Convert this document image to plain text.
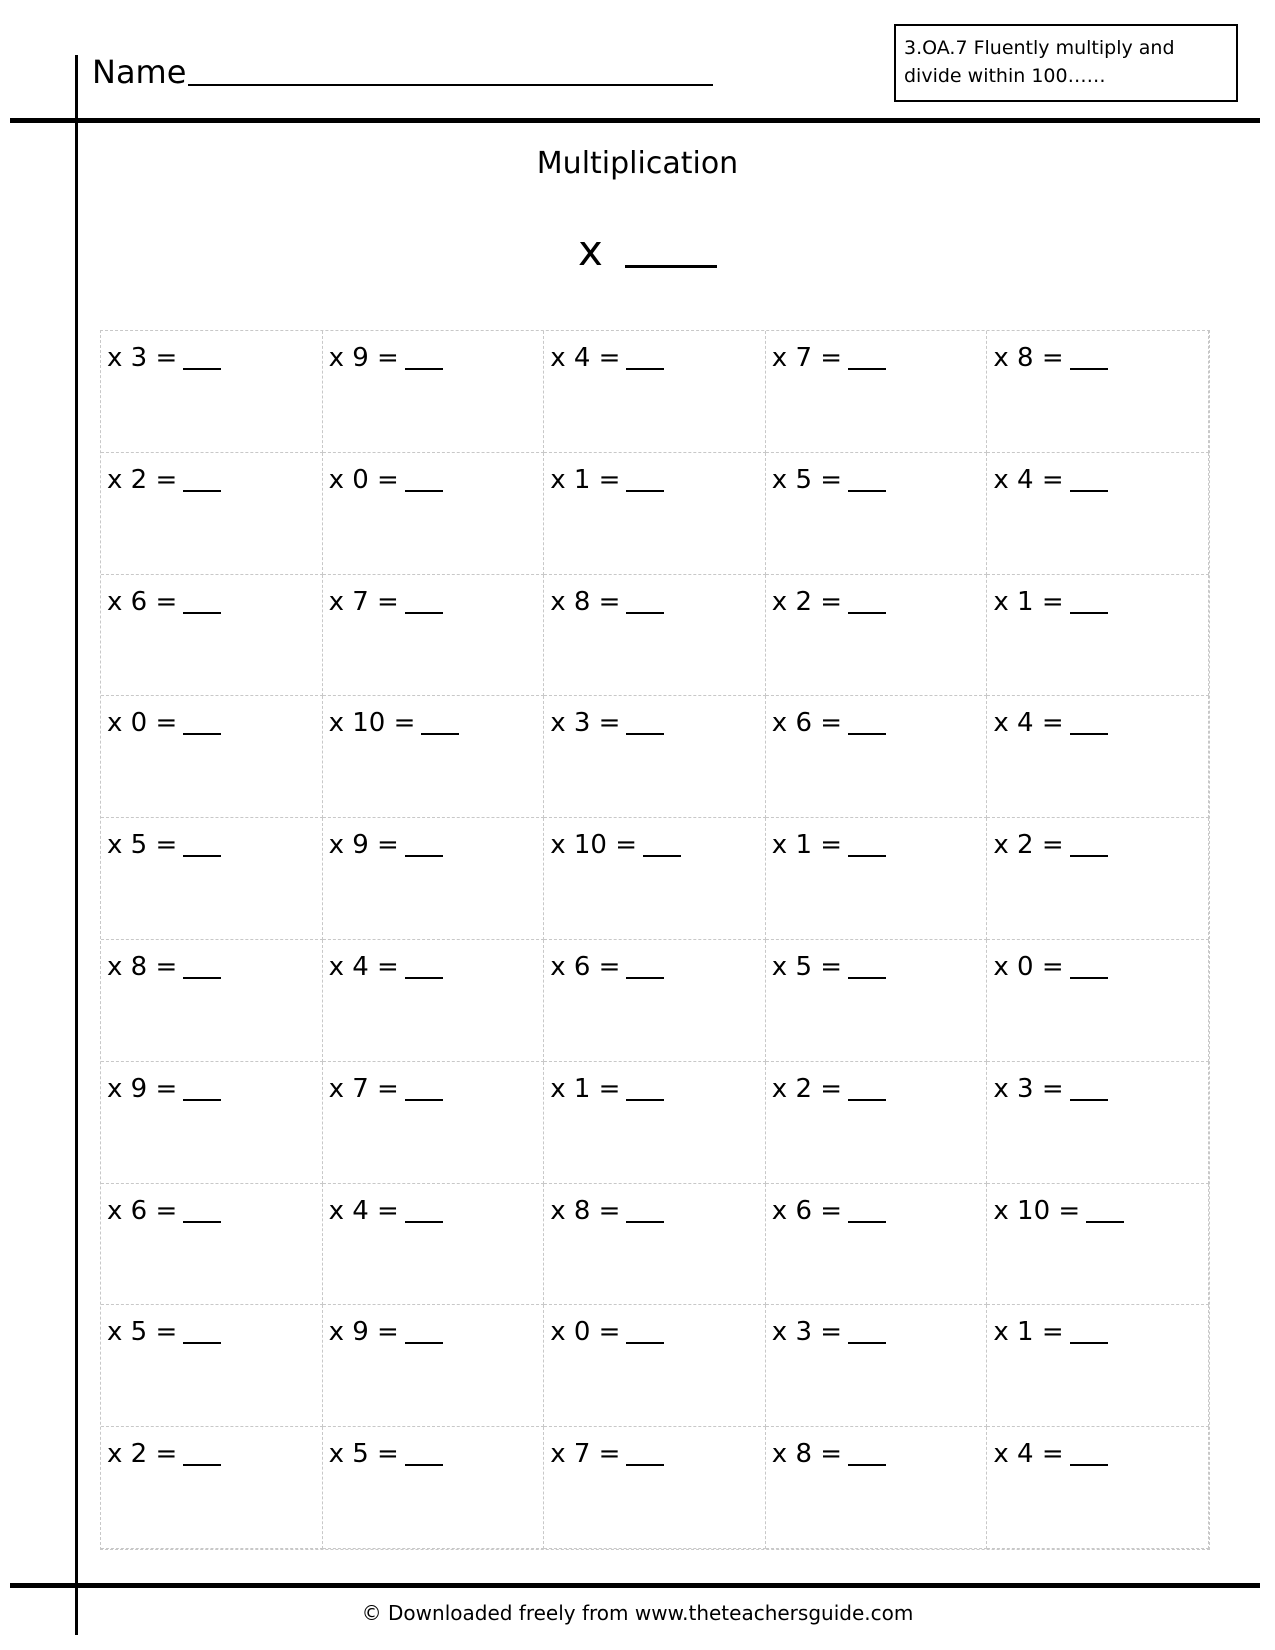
Name
3.OA.7 Fluently multiply and
divide within 100……
Multiplication
x
x 3 =	x 9 =	x 4 =	x 7 =	x 8 =
x 2 =	x 0 =	x 1 =	x 5 =	x 4 =
x 6 =	x 7 =	x 8 =	x 2 =	x 1 =
x 0 =	x 10 =	x 3 =	x 6 =	x 4 =
x 5 =	x 9 =	x 10 =	x 1 =	x 2 =
x 8 =	x 4 =	x 6 =	x 5 =	x 0 =
x 9 =	x 7 =	x 1 =	x 2 =	x 3 =
x 6 =	x 4 =	x 8 =	x 6 =	x 10 =
x 5 =	x 9 =	x 0 =	x 3 =	x 1 =
x 2 =	x 5 =	x 7 =	x 8 =	x 4 =
© Downloaded freely from www.theteachersguide.com
